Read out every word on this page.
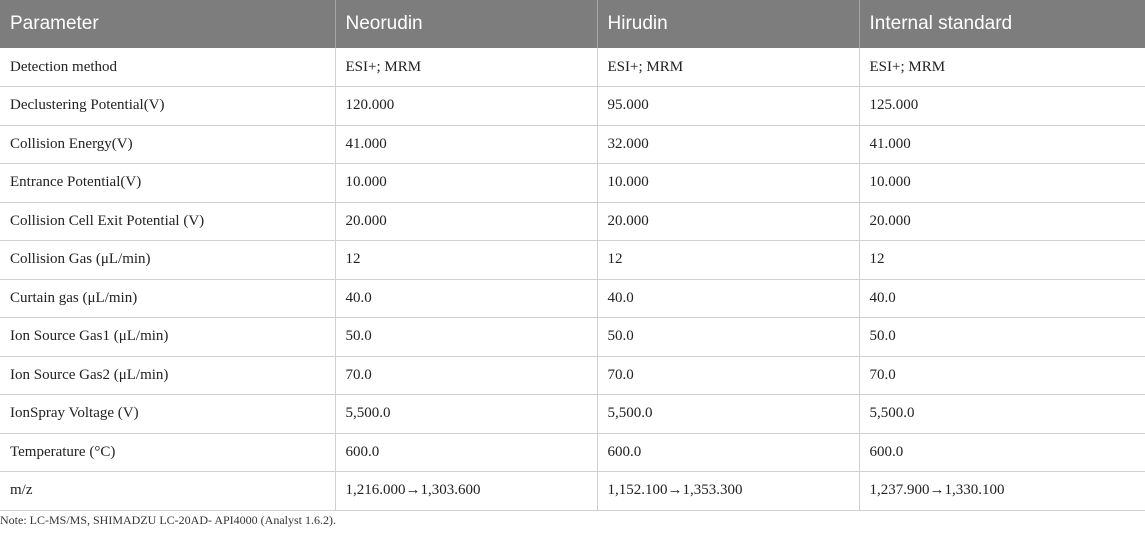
Parameter	Neorudin	Hirudin	Internal standard
Detection method	ESI+; MRM	ESI+; MRM	ESI+; MRM
Declustering Potential(V)	120.000	95.000	125.000
Collision Energy(V)	41.000	32.000	41.000
Entrance Potential(V)	10.000	10.000	10.000
Collision Cell Exit Potential (V)	20.000	20.000	20.000
Collision Gas (μL/min)	12	12	12
Curtain gas (μL/min)	40.0	40.0	40.0
Ion Source Gas1 (μL/min)	50.0	50.0	50.0
Ion Source Gas2 (μL/min)	70.0	70.0	70.0
IonSpray Voltage (V)	5,500.0	5,500.0	5,500.0
Temperature (°C)	600.0	600.0	600.0
m/z	1,216.000→1,303.600	1,152.100→1,353.300	1,237.900→1,330.100
Note: LC-MS/MS, SHIMADZU LC-20AD- API4000 (Analyst 1.6.2).
